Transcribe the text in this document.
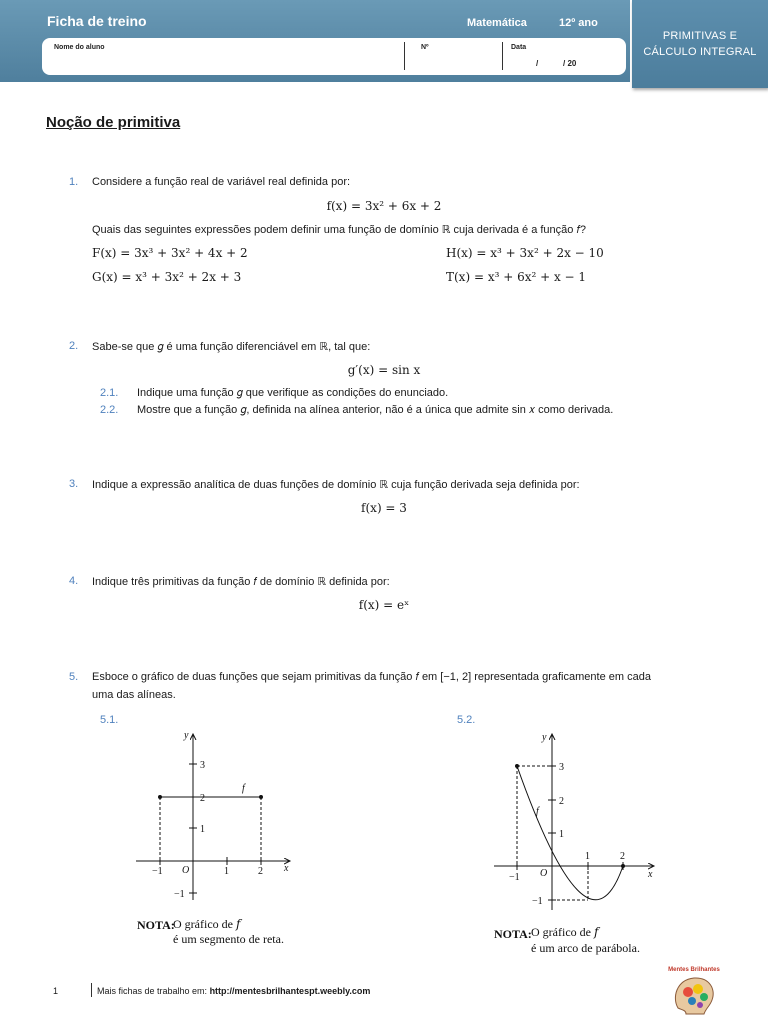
Ficha de treino	Matemática	12º ano
Nome do aluno	Nº	Data
/	/ 20
PRIMITIVAS E
CÁLCULO INTEGRAL
Noção de primitiva
1. Considere a função real de variável real definida por:
f(x) = 3x² + 6x + 2
Quais das seguintes expressões podem definir uma função de domínio ℝ cuja derivada é a função 𝑓?
F(x) = 3x³ + 3x² + 4x + 2	H(x) = x³ + 3x² + 2x − 10
G(x) = x³ + 3x² + 2x + 3	T(x) = x³ + 6x² + x − 1
2. Sabe-se que 𝑔 é uma função diferenciável em ℝ, tal que:
g′(x) = sin x
2.1. Indique uma função 𝑔 que verifique as condições do enunciado.
2.2. Mostre que a função 𝑔, definida na alínea anterior, não é a única que admite sin 𝑥 como derivada.
3. Indique a expressão analítica de duas funções de domínio ℝ cuja função derivada seja definida por:
f(x) = 3
4. Indique três primitivas da função 𝑓 de domínio ℝ definida por:
f(x) = eˣ
5. Esboce o gráfico de duas funções que sejam primitivas da função 𝑓 em [−1, 2] representada graficamente em cada
uma das alíneas.
5.1.	5.2.
y
x
O
f
3
2
1
−1
−1	1	2
NOTA:
O gráfico de 𝑓
é um segmento de reta.
y
x
O
f
3
2
1
−1
−1
1	2
NOTA: O gráfico de 𝑓
é um arco de parábola.
1	Mais fichas de trabalho em: http://mentesbrilhantespt.weebly.com
Mentes Brilhantes
